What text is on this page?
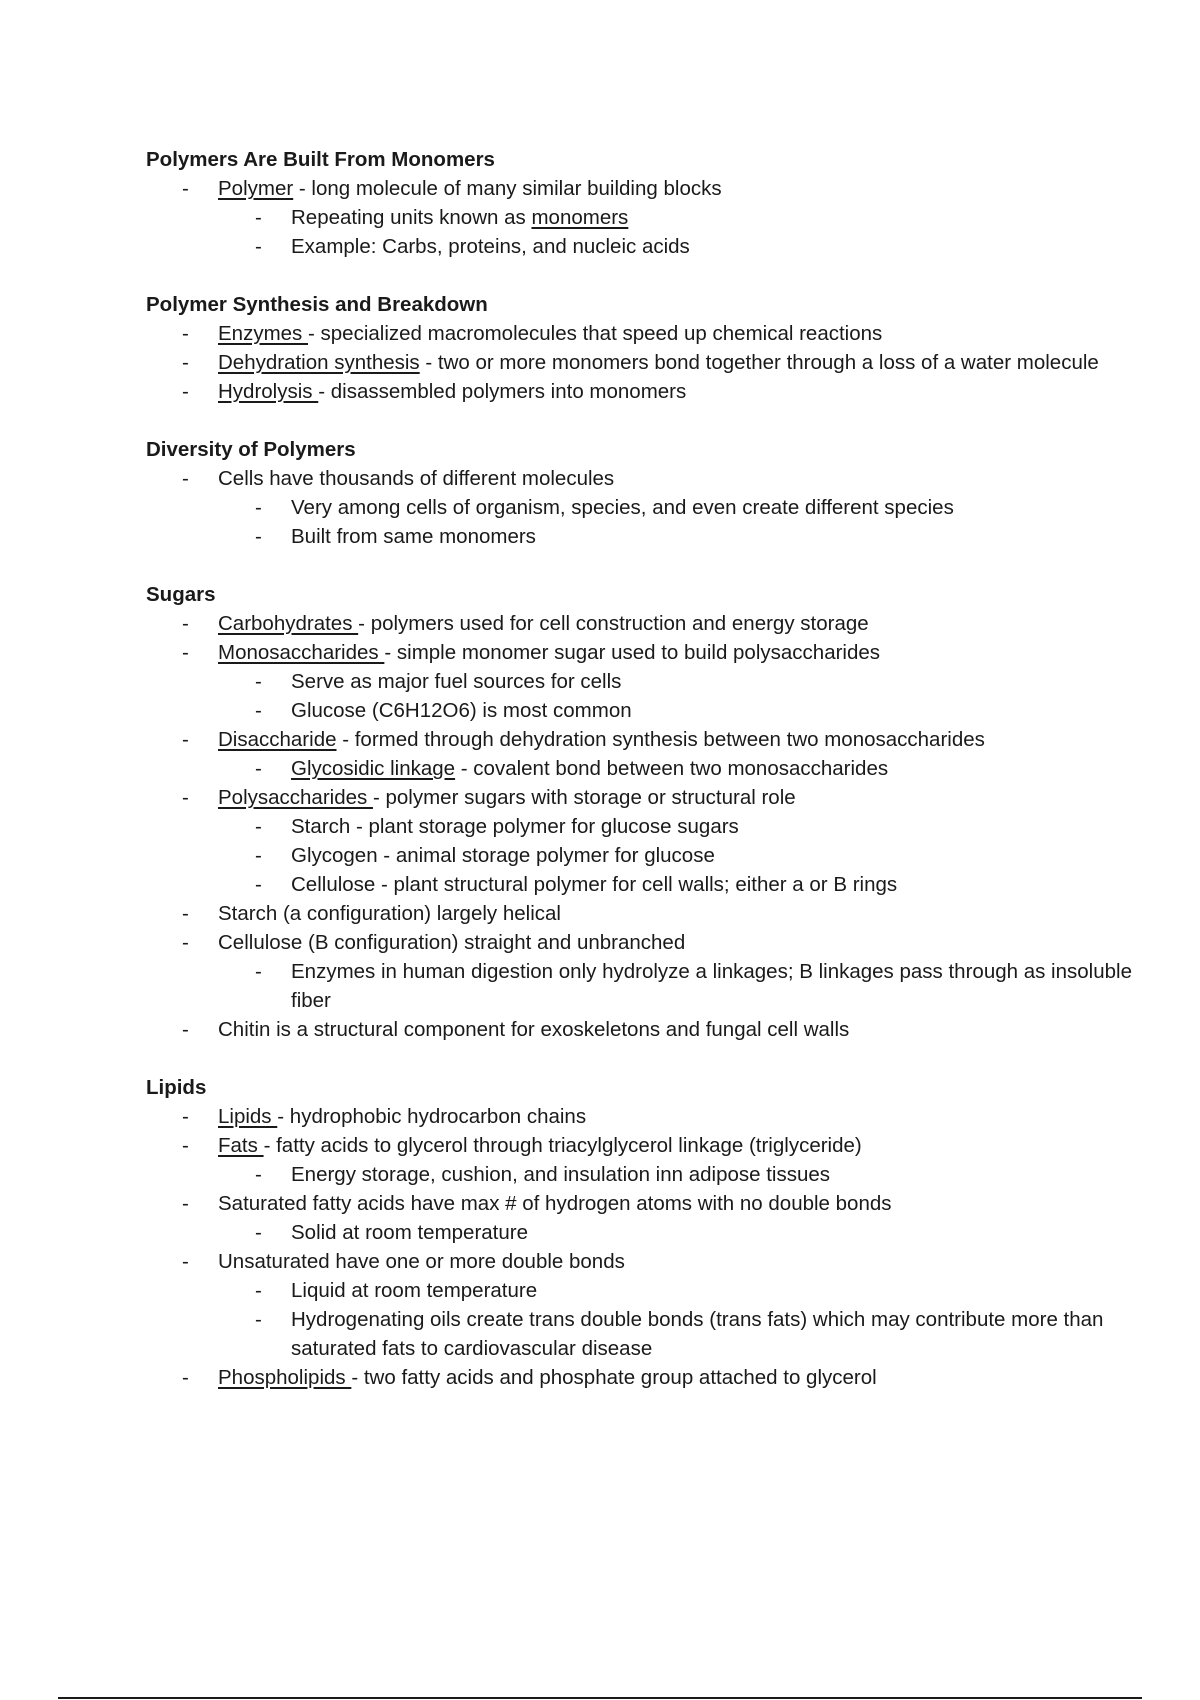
Polymers Are Built From Monomers
- Polymer - long molecule of many similar building blocks
- Repeating units known as monomers
- Example: Carbs, proteins, and nucleic acids
Polymer Synthesis and Breakdown
- Enzymes - specialized macromolecules that speed up chemical reactions
- Dehydration synthesis - two or more monomers bond together through a loss of a water molecule
- Hydrolysis - disassembled polymers into monomers
Diversity of Polymers
- Cells have thousands of different molecules
- Very among cells of organism, species, and even create different species
- Built from same monomers
Sugars
- Carbohydrates - polymers used for cell construction and energy storage
- Monosaccharides - simple monomer sugar used to build polysaccharides
- Serve as major fuel sources for cells
- Glucose (C6H12O6) is most common
- Disaccharide - formed through dehydration synthesis between two monosaccharides
- Glycosidic linkage - covalent bond between two monosaccharides
- Polysaccharides - polymer sugars with storage or structural role
- Starch - plant storage polymer for glucose sugars
- Glycogen - animal storage polymer for glucose
- Cellulose - plant structural polymer for cell walls; either a or B rings
- Starch (a configuration) largely helical
- Cellulose (B configuration) straight and unbranched
- Enzymes in human digestion only hydrolyze a linkages; B linkages pass through as insoluble fiber
- Chitin is a structural component for exoskeletons and fungal cell walls
Lipids
- Lipids - hydrophobic hydrocarbon chains
- Fats - fatty acids to glycerol through triacylglycerol linkage (triglyceride)
- Energy storage, cushion, and insulation inn adipose tissues
- Saturated fatty acids have max # of hydrogen atoms with no double bonds
- Solid at room temperature
- Unsaturated have one or more double bonds
- Liquid at room temperature
- Hydrogenating oils create trans double bonds (trans fats) which may contribute more than saturated fats to cardiovascular disease
- Phospholipids - two fatty acids and phosphate group attached to glycerol
